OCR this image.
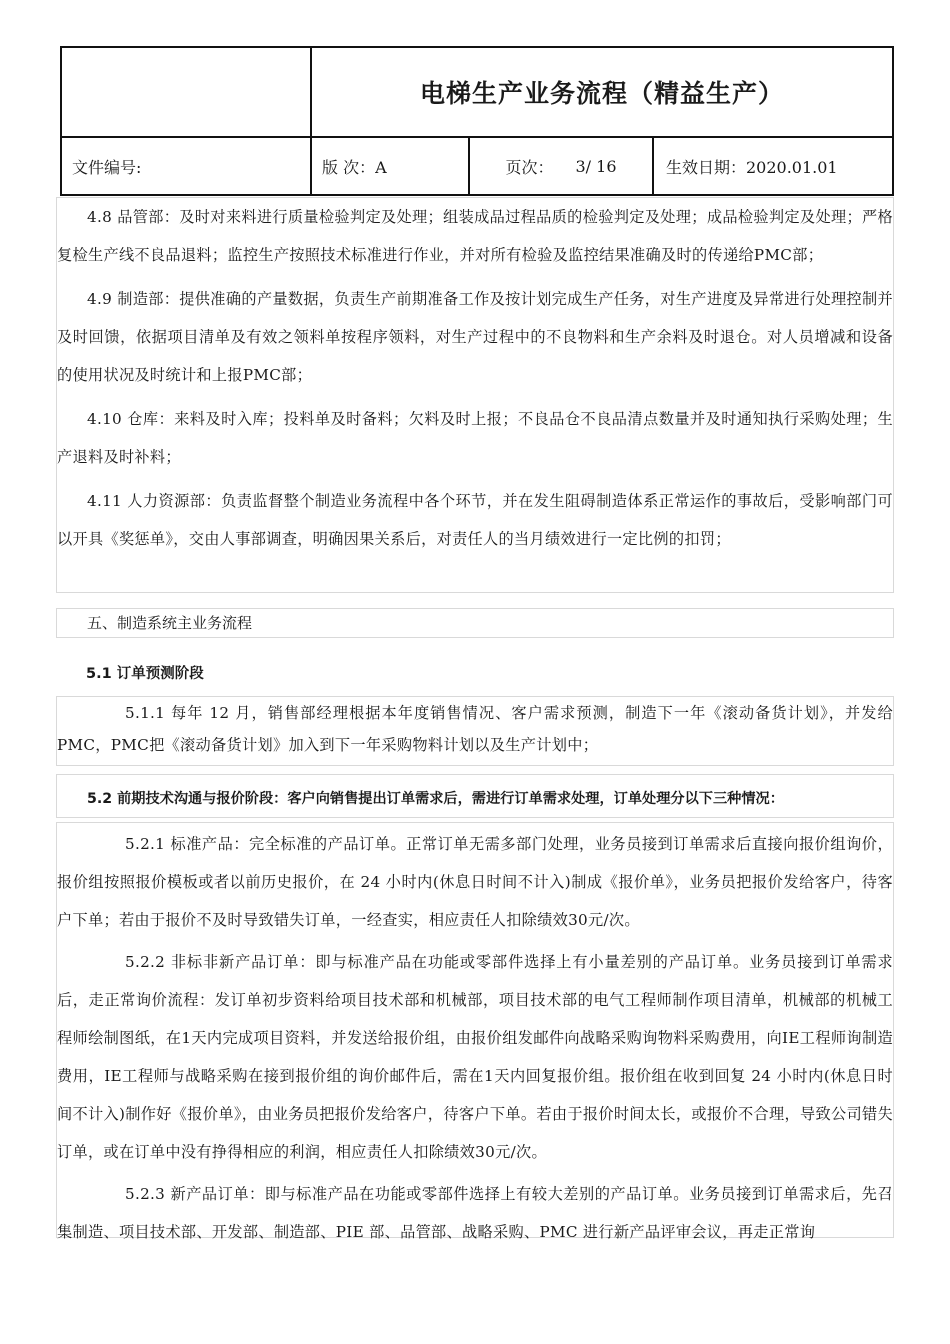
电梯生产业务流程（精益生产）
文件编号:	版 次：A	页次： 3/ 16	生效日期：2020.01.01

4.8 品管部：及时对来料进行质量检验判定及处理；组装成品过程品质的检验判定及处理；成品检验判定及处理；严格复检生产线不良品退料；监控生产按照技术标准进行作业，并对所有检验及监控结果准确及时的传递给PMC部；

4.9 制造部：提供准确的产量数据，负责生产前期准备工作及按计划完成生产任务，对生产进度及异常进行处理控制并及时回馈，依据项目清单及有效之领料单按程序领料，对生产过程中的不良物料和生产余料及时退仓。对人员增减和设备的使用状况及时统计和上报PMC部；

4.10 仓库：来料及时入库；投料单及时备料；欠料及时上报；不良品仓不良品清点数量并及时通知执行采购处理；生产退料及时补料；

4.11 人力资源部：负责监督整个制造业务流程中各个环节，并在发生阻碍制造体系正常运作的事故后，受影响部门可以开具《奖惩单》，交由人事部调查，明确因果关系后，对责任人的当月绩效进行一定比例的扣罚；

五、制造系统主业务流程
5.1 订单预测阶段

5.1.1 每年 12 月，销售部经理根据本年度销售情况、客户需求预测，制造下一年《滚动备货计划》，并发给PMC，PMC把《滚动备货计划》加入到下一年采购物料计划以及生产计划中；

5.2 前期技术沟通与报价阶段：客户向销售提出订单需求后，需进行订单需求处理，订单处理分以下三种情况：

5.2.1 标准产品：完全标准的产品订单。正常订单无需多部门处理，业务员接到订单需求后直接向报价组询价，报价组按照报价模板或者以前历史报价，在 24 小时内(休息日时间不计入)制成《报价单》，业务员把报价发给客户，待客户下单；若由于报价不及时导致错失订单，一经查实，相应责任人扣除绩效30元/次。

5.2.2 非标非新产品订单：即与标准产品在功能或零部件选择上有小量差别的产品订单。业务员接到订单需求后，走正常询价流程：发订单初步资料给项目技术部和机械部，项目技术部的电气工程师制作项目清单，机械部的机械工程师绘制图纸，在1天内完成项目资料，并发送给报价组，由报价组发邮件向战略采购询物料采购费用，向IE工程师询制造费用，IE工程师与战略采购在接到报价组的询价邮件后，需在1天内回复报价组。报价组在收到回复 24 小时内(休息日时间不计入)制作好《报价单》，由业务员把报价发给客户，待客户下单。若由于报价时间太长，或报价不合理，导致公司错失订单，或在订单中没有挣得相应的利润，相应责任人扣除绩效30元/次。

5.2.3 新产品订单：即与标准产品在功能或零部件选择上有较大差别的产品订单。业务员接到订单需求后，先召集制造、项目技术部、开发部、制造部、PIE 部、品管部、战略采购、PMC 进行新产品评审会议，再走正常询
